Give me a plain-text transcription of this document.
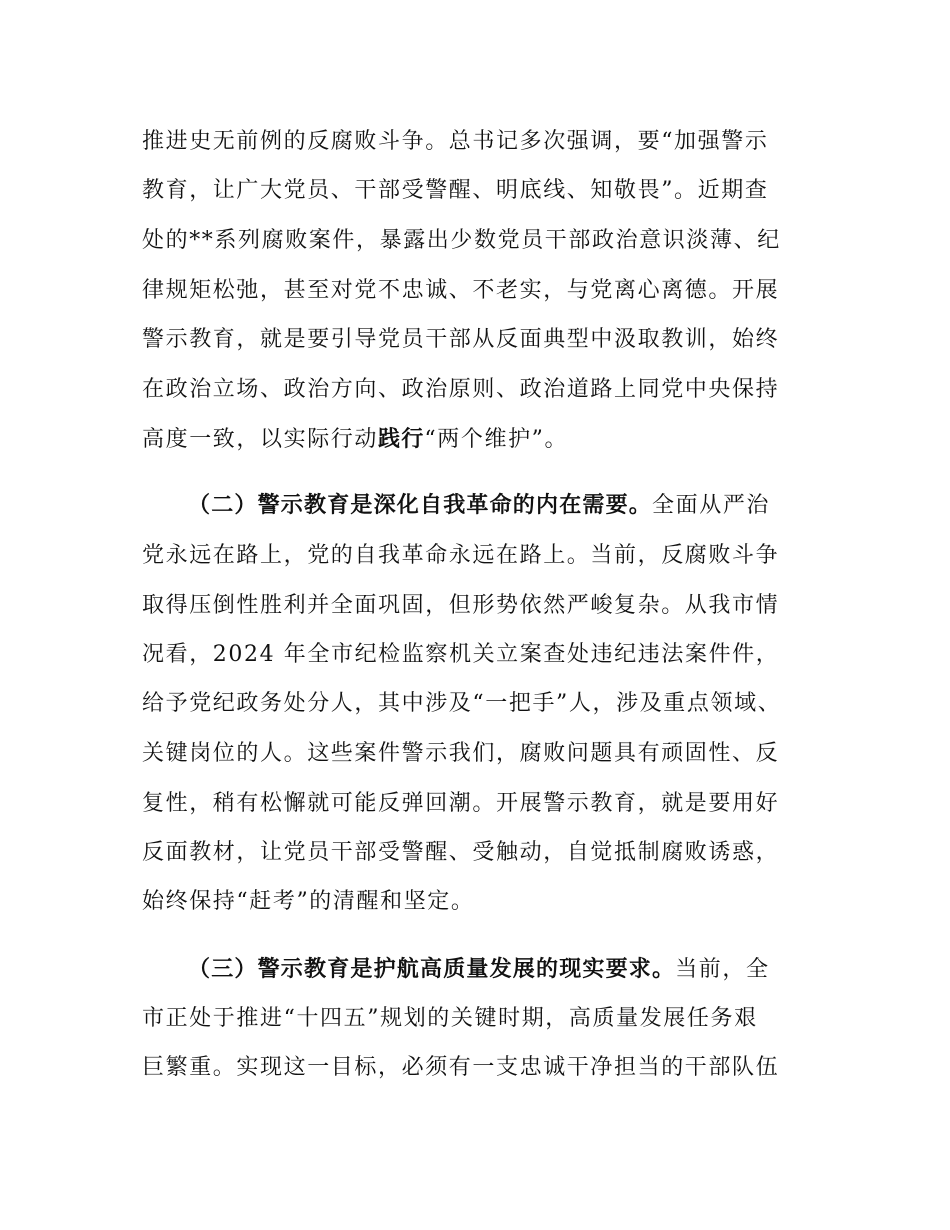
推进史无前例的反腐败斗争。总书记多次强调，要“加强警示
教育，让广大党员、干部受警醒、明底线、知敬畏”。近期查
处的**系列腐败案件，暴露出少数党员干部政治意识淡薄、纪
律规矩松弛，甚至对党不忠诚、不老实，与党离心离德。开展
警示教育，就是要引导党员干部从反面典型中汲取教训，始终
在政治立场、政治方向、政治原则、政治道路上同党中央保持
高度一致，以实际行动践行“两个维护”。
（二）警示教育是深化自我革命的内在需要。全面从严治
党永远在路上，党的自我革命永远在路上。当前，反腐败斗争
取得压倒性胜利并全面巩固，但形势依然严峻复杂。从我市情
况看，2024 年全市纪检监察机关立案查处违纪违法案件件，
给予党纪政务处分人，其中涉及“一把手”人，涉及重点领域、
关键岗位的人。这些案件警示我们，腐败问题具有顽固性、反
复性，稍有松懈就可能反弹回潮。开展警示教育，就是要用好
反面教材，让党员干部受警醒、受触动，自觉抵制腐败诱惑，
始终保持“赶考”的清醒和坚定。
（三）警示教育是护航高质量发展的现实要求。当前，全
市正处于推进“十四五”规划的关键时期，高质量发展任务艰
巨繁重。实现这一目标，必须有一支忠诚干净担当的干部队伍
